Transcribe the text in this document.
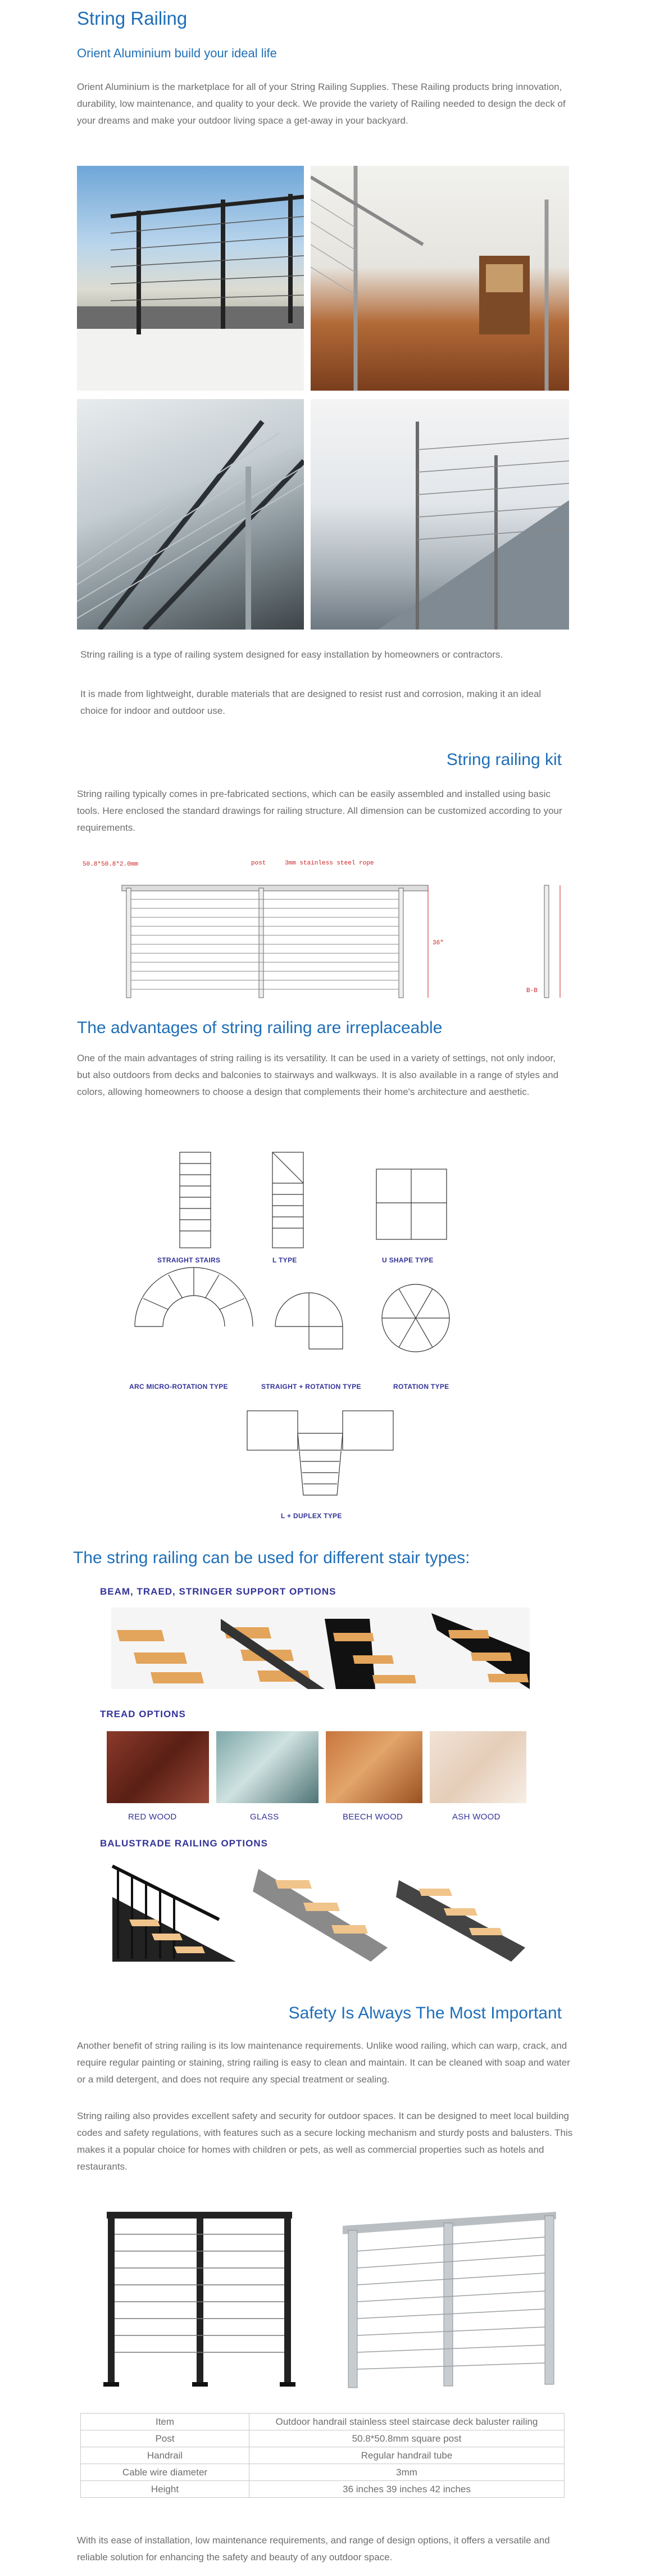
String Railing
Orient Aluminium build your ideal life

Orient Aluminium is the marketplace for all of your String Railing Supplies. These Railing products bring innovation, durability, low maintenance, and quality to your deck. We provide the variety of Railing needed to design the deck of your dreams and make your outdoor living space a get-away in your backyard.

String railing is a type of railing system designed for easy installation by homeowners or contractors.

It is made from lightweight, durable materials that are designed to resist rust and corrosion, making it an ideal choice for indoor and outdoor use.

String railing kit

String railing typically comes in pre-fabricated sections, which can be easily assembled and installed using basic tools. Here enclosed the standard drawings for railing structure. All dimension can be customized according to your requirements.

50.8*50.8*2.0mm	post	3mm stainless steel rope
36"
B-B
The advantages of string railing are irreplaceable

One of the main advantages of string railing is its versatility. It can be used in a variety of settings, not only indoor, but also outdoors from decks and balconies to stairways and walkways. It is also available in a range of styles and colors, allowing homeowners to choose a design that complements their home's architecture and aesthetic.

STRAIGHT STAIRS	L TYPE	U SHAPE TYPE
ARC MICRO-ROTATION TYPE	STRAIGHT + ROTATION TYPE	ROTATION TYPE
L + DUPLEX TYPE
The string railing can be used for different stair types:
BEAM, TRAED, STRINGER SUPPORT OPTIONS
TREAD OPTIONS
RED WOOD	GLASS	BEECH WOOD	ASH WOOD
BALUSTRADE RAILING OPTIONS
Safety Is Always The Most Important

Another benefit of string railing is its low maintenance requirements. Unlike wood railing, which can warp, crack, and require regular painting or staining, string railing is easy to clean and maintain. It can be cleaned with soap and water or a mild detergent, and does not require any special treatment or sealing.

String railing also provides excellent safety and security for outdoor spaces. It can be designed to meet local building codes and safety regulations, with features such as a secure locking mechanism and sturdy posts and balusters. This makes it a popular choice for homes with children or pets, as well as commercial properties such as hotels and restaurants.

Item	Outdoor handrail stainless steel staircase deck baluster railing
Post	50.8*50.8mm square post
Handrail	Regular handrail tube
Cable wire diameter	3mm
Height	36 inches 39 inches 42 inches

With its ease of installation, low maintenance requirements, and range of design options, it offers a versatile and reliable solution for enhancing the safety and beauty of any outdoor space.
